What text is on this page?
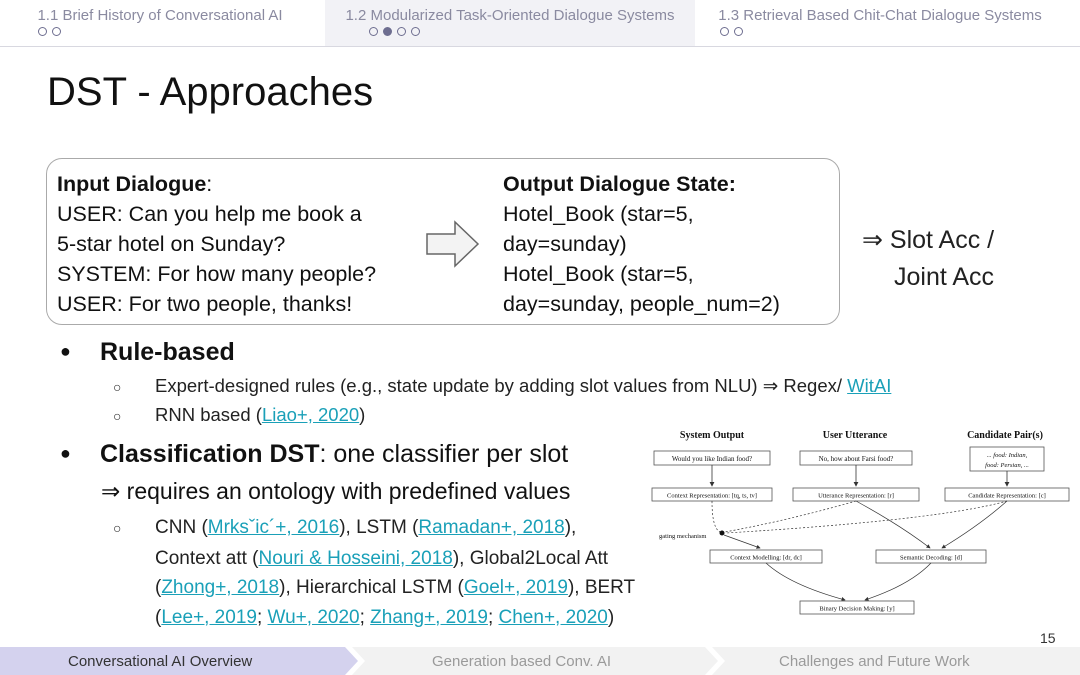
1.1 Brief History of Conversational AI	1.2 Modularized Task-Oriented Dialogue Systems	1.3 Retrieval Based Chit-Chat Dialogue Systems
DST - Approaches
Input Dialogue:
USER: Can you help me book a
5-star hotel on Sunday?
SYSTEM: For how many people?
USER: For two people, thanks!
Output Dialogue State:
Hotel_Book (star=5,
day=sunday)
Hotel_Book (star=5,
day=sunday, people_num=2)
⇒ Slot Acc /
Joint Acc
● Rule-based
○ Expert-designed rules (e.g., state update by adding slot values from NLU) ⇒ Regex/ WitAI
○ RNN based (Liao+, 2020)
● Classification DST: one classifier per slot
⇒ requires an ontology with predefined values
○ CNN (Mrksˇic´+, 2016), LSTM (Ramadan+, 2018),
Context att (Nouri & Hosseini, 2018), Global2Local Att
(Zhong+, 2018), Hierarchical LSTM (Goel+, 2019), BERT
(Lee+, 2019; Wu+, 2020; Zhang+, 2019; Chen+, 2020)
System Output	User Utterance	Candidate Pair(s)
Would you like Indian food?	No, how about Farsi food?	... food: Indian,
food: Persian, ...
Context Representation: [tq, ts, tv]	Utterance Representation: [r]	Candidate Representation: [c]
gating mechanism
Context Modelling: [dr, dc]	Semantic Decoding: [d]
Binary Decision Making: [y]
15
Conversational AI Overview	Generation based Conv. AI	Challenges and Future Work
